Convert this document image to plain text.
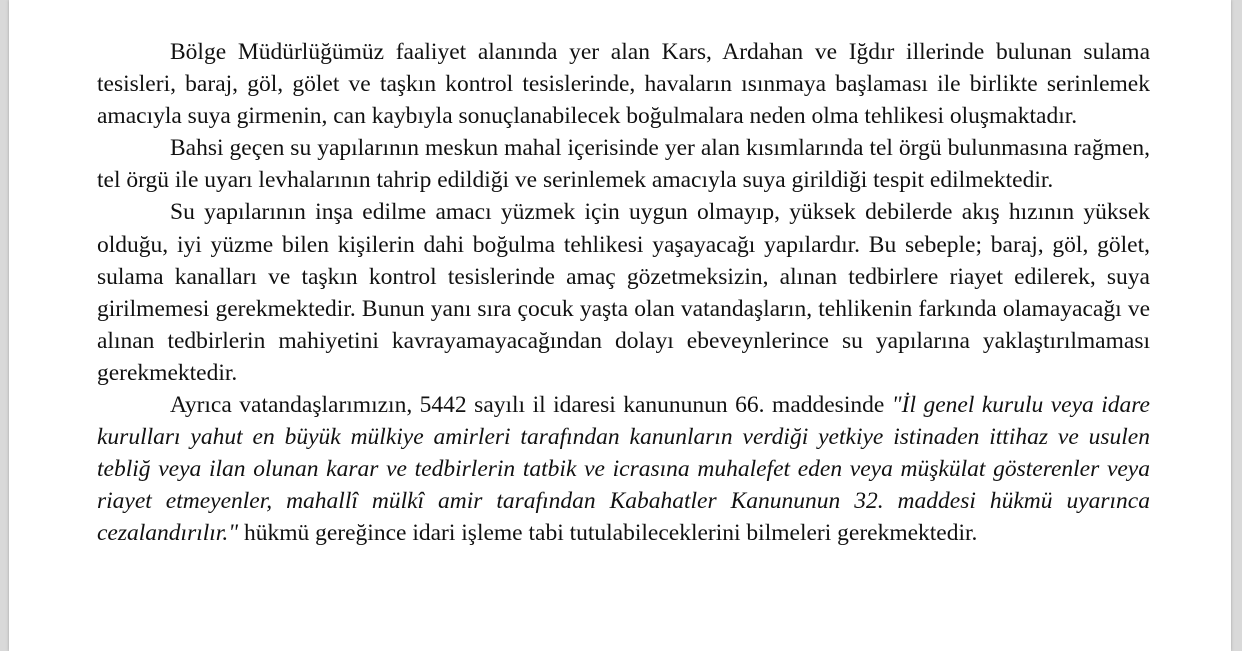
Bölge Müdürlüğümüz faaliyet alanında yer alan Kars, Ardahan ve Iğdır illerinde bulunan sulama tesisleri, baraj, göl, gölet ve taşkın kontrol tesislerinde, havaların ısınmaya başlaması ile birlikte serinlemek amacıyla suya girmenin, can kaybıyla sonuçlanabilecek boğulmalara neden olma tehlikesi oluşmaktadır.

Bahsi geçen su yapılarının meskun mahal içerisinde yer alan kısımlarında tel örgü bulunmasına rağmen, tel örgü ile uyarı levhalarının tahrip edildiği ve serinlemek amacıyla suya girildiği tespit edilmektedir.

Su yapılarının inşa edilme amacı yüzmek için uygun olmayıp, yüksek debilerde akış hızının yüksek olduğu, iyi yüzme bilen kişilerin dahi boğulma tehlikesi yaşayacağı yapılardır. Bu sebeple; baraj, göl, gölet, sulama kanalları ve taşkın kontrol tesislerinde amaç gözetmeksizin, alınan tedbirlere riayet edilerek, suya girilmemesi gerekmektedir. Bunun yanı sıra çocuk yaşta olan vatandaşların, tehlikenin farkında olamayacağı ve alınan tedbirlerin mahiyetini kavrayamayacağından dolayı ebeveynlerince su yapılarına yaklaştırılmaması gerekmektedir.

Ayrıca vatandaşlarımızın, 5442 sayılı il idaresi kanununun 66. maddesinde "İl genel kurulu veya idare kurulları yahut en büyük mülkiye amirleri tarafından kanunların verdiği yetkiye istinaden ittihaz ve usulen tebliğ veya ilan olunan karar ve tedbirlerin tatbik ve icrasına muhalefet eden veya müşkülat gösterenler veya riayet etmeyenler, mahallî mülkî amir tarafından Kabahatler Kanununun 32. maddesi hükmü uyarınca cezalandırılır." hükmü gereğince idari işleme tabi tutulabileceklerini bilmeleri gerekmektedir.
